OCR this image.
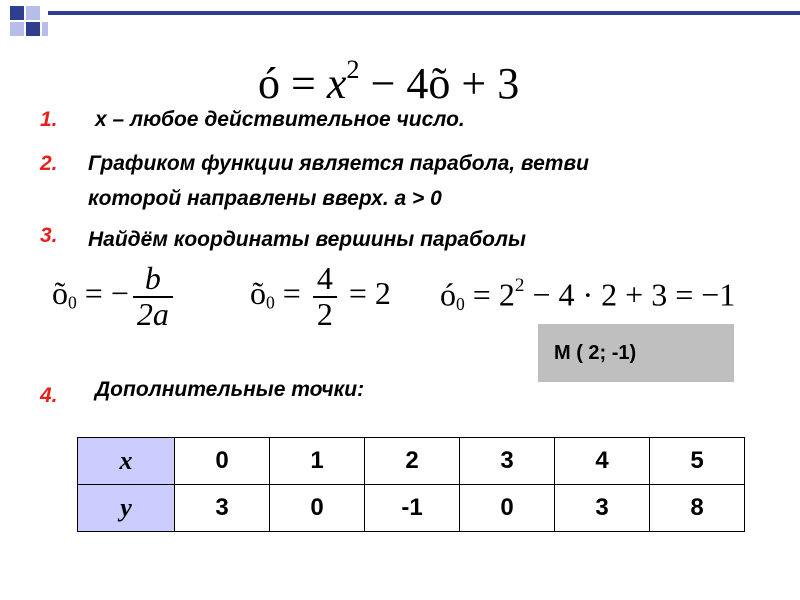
ó = $x^2$ − 4õ + 3
1. x – любое действительное число.
2. Графиком функции является парабола, ветви
которой направлены вверх. а > 0
3. Найдём координаты вершины параболы
$õ_0$ = − $\frac{b}{2a}$ $õ_0 = \frac{4}{2} = 2$ $ó_0 = 2^2 - 4 \cdot 2 + 3 = -1$
М ( 2; -1)
4. Дополнительные точки:
x	0	1	2	3	4	5
y	3	0	-1	0	3	8
